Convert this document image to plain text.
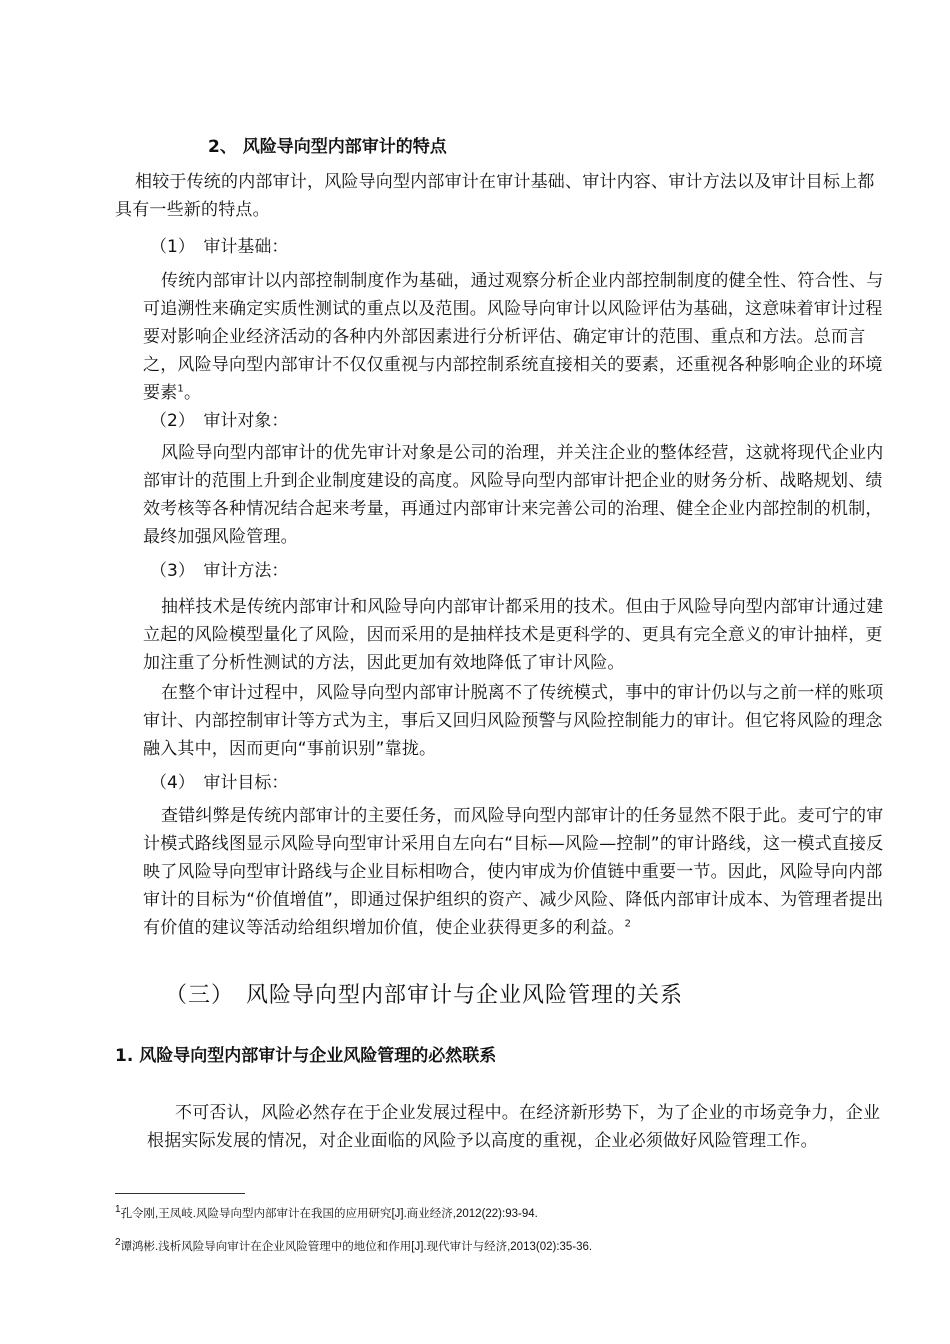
2、 风险导向型内部审计的特点
相较于传统的内部审计，风险导向型内部审计在审计基础、审计内容、审计方法以及审计目标上都具有一些新的特点。
（1）　审计基础：
传统内部审计以内部控制制度作为基础，通过观察分析企业内部控制制度的健全性、符合性、与可追溯性来确定实质性测试的重点以及范围。风险导向审计以风险评估为基础，这意味着审计过程要对影响企业经济活动的各种内外部因素进行分析评估、确定审计的范围、重点和方法。总而言之，风险导向型内部审计不仅仅重视与内部控制系统直接相关的要素，还重视各种影响企业的环境要素$^1$。
（2）　审计对象：
风险导向型内部审计的优先审计对象是公司的治理，并关注企业的整体经营，这就将现代企业内部审计的范围上升到企业制度建设的高度。风险导向型内部审计把企业的财务分析、战略规划、绩效考核等各种情况结合起来考量，再通过内部审计来完善公司的治理、健全企业内部控制的机制，最终加强风险管理。
（3）　审计方法：
抽样技术是传统内部审计和风险导向内部审计都采用的技术。但由于风险导向型内部审计通过建立起的风险模型量化了风险，因而采用的是抽样技术是更科学的、更具有完全意义的审计抽样，更加注重了分析性测试的方法，因此更加有效地降低了审计风险。
在整个审计过程中，风险导向型内部审计脱离不了传统模式，事中的审计仍以与之前一样的账项审计、内部控制审计等方式为主，事后又回归风险预警与风险控制能力的审计。但它将风险的理念融入其中，因而更向“事前识别”靠拢。
（4）　审计目标：
查错纠弊是传统内部审计的主要任务，而风险导向型内部审计的任务显然不限于此。麦可宁的审计模式路线图显示风险导向型审计采用自左向右“目标—风险—控制”的审计路线，这一模式直接反映了风险导向型审计路线与企业目标相吻合，使内审成为价值链中重要一节。因此，风险导向内部审计的目标为“价值增值”，即通过保护组织的资产、减少风险、降低内部审计成本、为管理者提出有价值的建议等活动给组织增加价值，使企业获得更多的利益。$^2$
（三）　风险导向型内部审计与企业风险管理的关系
1. 风险导向型内部审计与企业风险管理的必然联系
不可否认，风险必然存在于企业发展过程中。在经济新形势下，为了企业的市场竞争力，企业根据实际发展的情况，对企业面临的风险予以高度的重视，企业必须做好风险管理工作。
$^1$孔令刚,王凤岐.风险导向型内部审计在我国的应用研究[J].商业经济,2012(22):93-94.
$^2$谭鸿彬.浅析风险导向审计在企业风险管理中的地位和作用[J].现代审计与经济,2013(02):35-36.
